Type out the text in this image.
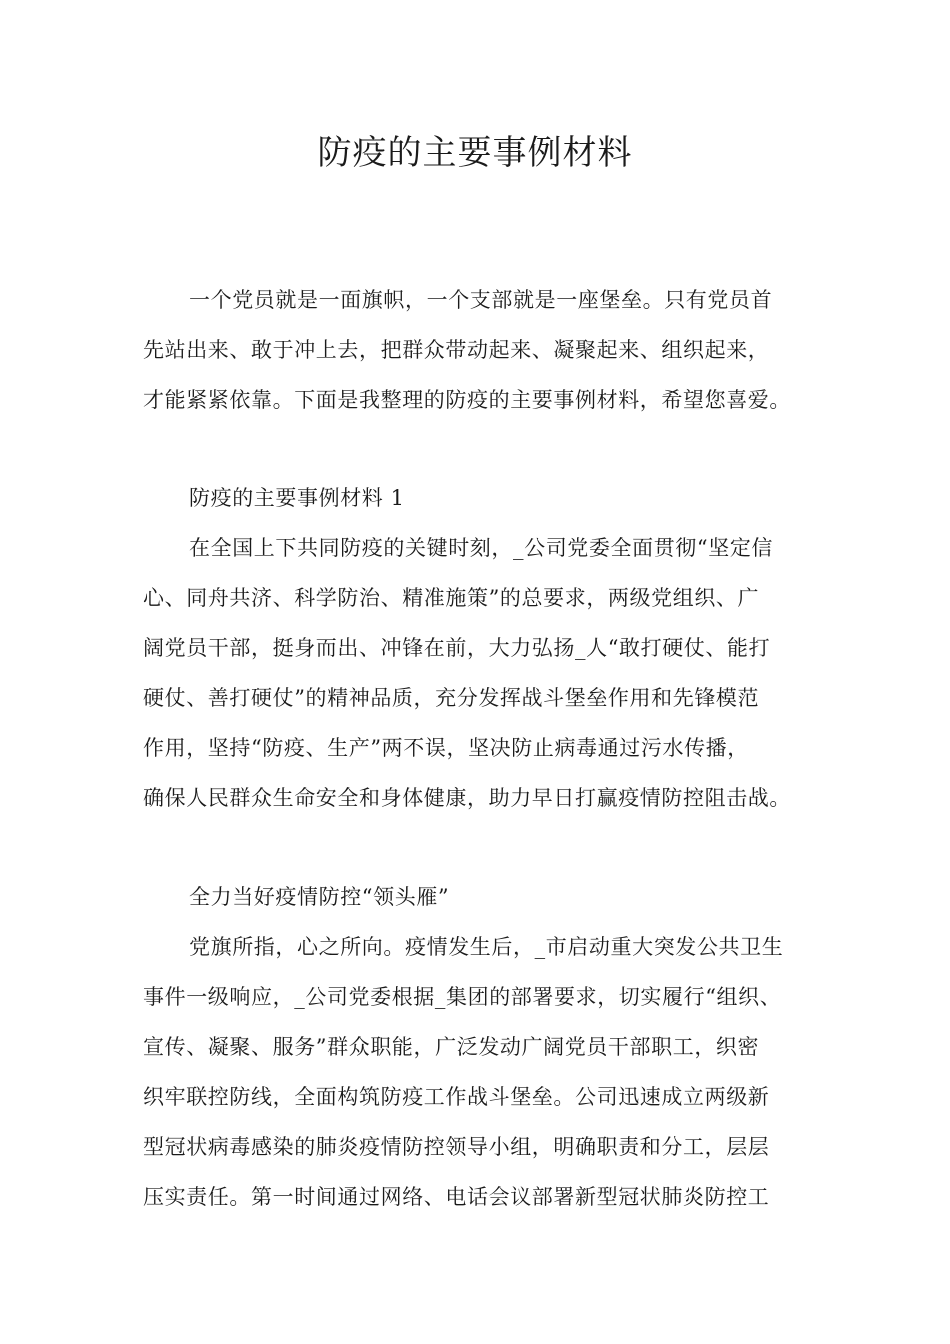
防疫的主要事例材料

一个党员就是一面旗帜，一个支部就是一座堡垒。只有党员首

先站出来、敢于冲上去，把群众带动起来、凝聚起来、组织起来，

才能紧紧依靠。下面是我整理的防疫的主要事例材料，希望您喜爱。

防疫的主要事例材料 1

在全国上下共同防疫的关键时刻，_公司党委全面贯彻“坚定信

心、同舟共济、科学防治、精准施策”的总要求，两级党组织、广

阔党员干部，挺身而出、冲锋在前，大力弘扬_人“敢打硬仗、能打

硬仗、善打硬仗”的精神品质，充分发挥战斗堡垒作用和先锋模范

作用，坚持“防疫、生产”两不误，坚决防止病毒通过污水传播，

确保人民群众生命安全和身体健康，助力早日打赢疫情防控阻击战。

全力当好疫情防控“领头雁”

党旗所指，心之所向。疫情发生后，_市启动重大突发公共卫生

事件一级响应，_公司党委根据_集团的部署要求，切实履行“组织、

宣传、凝聚、服务”群众职能，广泛发动广阔党员干部职工，织密

织牢联控防线，全面构筑防疫工作战斗堡垒。公司迅速成立两级新

型冠状病毒感染的肺炎疫情防控领导小组，明确职责和分工，层层

压实责任。第一时间通过网络、电话会议部署新型冠状肺炎防控工
